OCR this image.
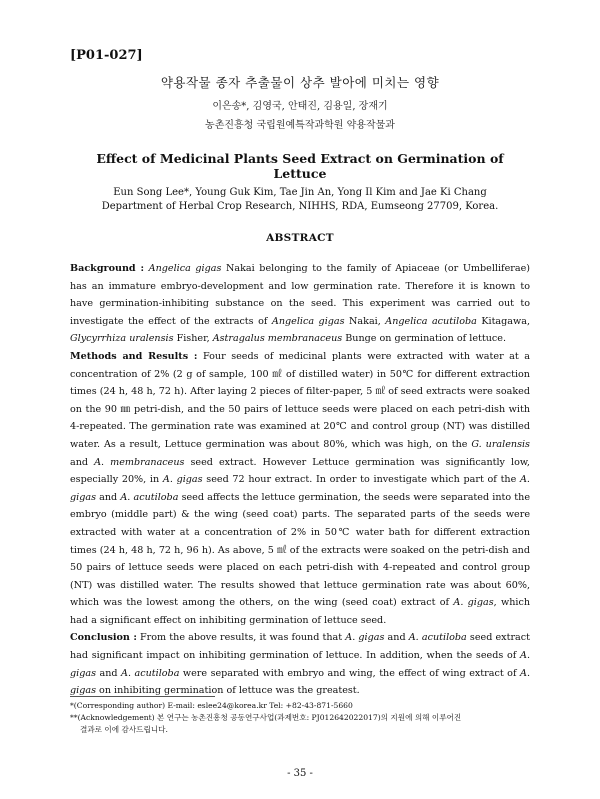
[P01-027]
약용작물 종자 추출물이 상추 발아에 미치는 영향
이은송*, 김영국, 안태진, 김용일, 장재기
농촌진흥청 국립원예특작과학원 약용작물과
Effect of Medicinal Plants Seed Extract on Germination of Lettuce
Eun Song Lee*, Young Guk Kim, Tae Jin An, Yong Il Kim and Jae Ki Chang
Department of Herbal Crop Research, NIHHS, RDA, Eumseong 27709, Korea.
ABSTRACT

Background : Angelica gigas Nakai belonging to the family of Apiaceae (or Umbelliferae) has an immature embryo-development and low germination rate. Therefore it is known to have germination-inhibiting substance on the seed. This experiment was carried out to investigate the effect of the extracts of Angelica gigas Nakai, Angelica acutiloba Kitagawa, Glycyrrhiza uralensis Fisher, Astragalus membranaceus Bunge on germination of lettuce.

Methods and Results : Four seeds of medicinal plants were extracted with water at a concentration of 2% (2 g of sample, 100 ㎖ of distilled water) in 50℃ for different extraction times (24 h, 48 h, 72 h). After laying 2 pieces of filter-paper, 5 ㎖ of seed extracts were soaked on the 90 ㎜ petri-dish, and the 50 pairs of lettuce seeds were placed on each petri-dish with 4-repeated. The germination rate was examined at 20℃ and control group (NT) was distilled water. As a result, Lettuce germination was about 80%, which was high, on the G. uralensis and A. membranaceus seed extract. However Lettuce germination was significantly low, especially 20%, in A. gigas seed 72 hour extract. In order to investigate which part of the A. gigas and A. acutiloba seed affects the lettuce germination, the seeds were separated into the embryo (middle part) & the wing (seed coat) parts. The separated parts of the seeds were extracted with water at a concentration of 2% in 50℃ water bath for different extraction times (24 h, 48 h, 72 h, 96 h). As above, 5 ㎖ of the extracts were soaked on the petri-dish and 50 pairs of lettuce seeds were placed on each petri-dish with 4-repeated and control group (NT) was distilled water. The results showed that lettuce germination rate was about 60%, which was the lowest among the others, on the wing (seed coat) extract of A. gigas, which had a significant effect on inhibiting germination of lettuce seed.

Conclusion : From the above results, it was found that A. gigas and A. acutiloba seed extract had significant impact on inhibiting germination of lettuce. In addition, when the seeds of A. gigas and A. acutiloba were separated with embryo and wing, the effect of wing extract of A. gigas on inhibiting germination of lettuce was the greatest.

*(Corresponding author) E-mail: eslee24@korea.kr Tel: +82-43-871-5660

**(Acknowledgement) 본 연구는 농촌진흥청 공동연구사업(과제번호: PJ012642022017)의 지원에 의해 이루어진

결과로 이에 감사드립니다.

- 35 -
